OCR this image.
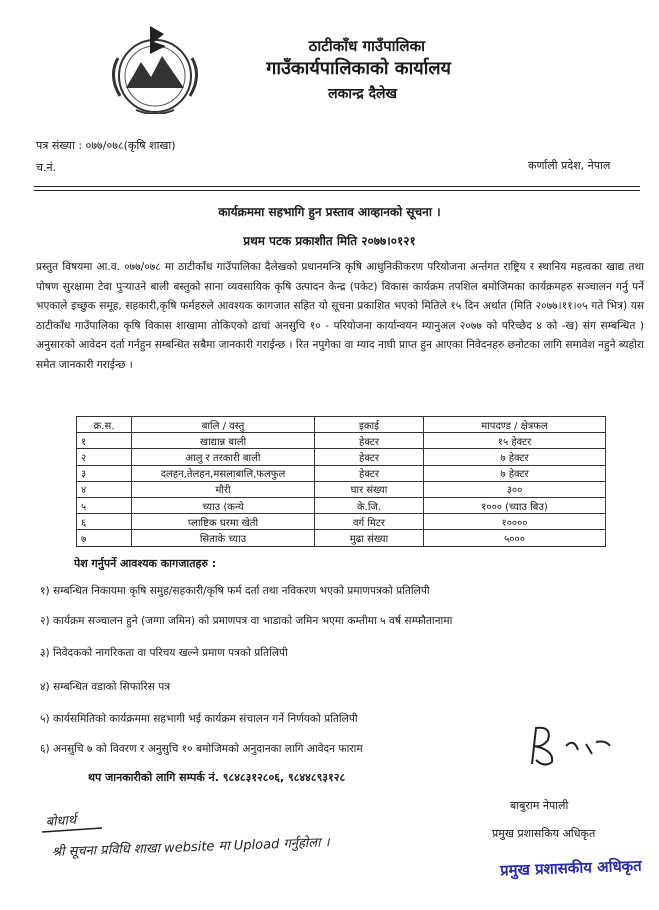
ठाटीकाँध गाउँपालिका
गाउँकार्यपालिकाको कार्यालय
लकान्द्र दैलेख
पत्र संख्या : ०७७/०७८(कृषि शाखा)
च.नं.	कर्णाली प्रदेश, नेपाल
कार्यक्रममा सहभागि हुन प्रस्ताव आव्हानको सूचना ।
प्रथम पटक प्रकाशीत मिति २०७७।०१२१
प्रस्तुत विषयमा आ.व. ०७७/०७८ मा ठाटीकाँध गाउँपालिका दैलेखको प्रधानमन्त्रि कृषि आधुनिकीकरण परियोजना अर्न्तगत राष्ट्रिय र स्थानिय महत्वका खाद्य तथा पोषण सुरक्षामा टेवा पुऱ्याउने बाली बस्तुको साना व्यवसायिक कृषि उत्पादन केन्द्र (पकेट) विकास कार्यक्रम तपशिल बमोजिमका कार्यक्रमहरु सञ्चालन गर्नु पर्ने भएकाले इच्छुक समूह, सहकारी,कृषि फर्महरुले आवश्यक कागजात सहित यो सूचना प्रकाशित भएको मितिले १५ दिन अर्थात (मिति २०७७।११।०५ गते भित्र) यस ठाटीकाँध गाउँपालिका कृषि विकास शाखामा तोकिएको ढाचां अनसुचि १० - परियोजना कार्यान्वयन म्यानुअल २०७७ को परिच्छेद ४ को -ख) संग सम्बन्धित ) अनुसारको आवेदन दर्ता गर्नहुन सम्बन्धित सबैमा जानकारी गराईन्छ । रित नपुगेका वा म्याद नाघी प्राप्त हुन आएका निवेदनहरु छनोटका लागि समावेश नहुने ब्यहोरा समेत जानकारी गराईन्छ ।
क्र.स.	बालि / वस्तु	इकाई	मापदण्ड / क्षेत्रफल
१	खाद्यान्न बाली	हेक्टर	१५ हेक्टर
२	आलु र तरकारी बाली	हेक्टर	७ हेक्टर
३	दलहन,तेलहन,मसलाबालि,फलफुल	हेक्टर	७ हेक्टर
४	मौरी	घार संख्या	३००
५	च्याउ (कन्ये	के.जि.	१००० (च्याउ बिउ)
६	प्लाष्टिक घरमा खेती	वर्ग मिटर	१००००
७	सिताके च्याउ	मुढा संख्या	५०००
पेश गर्नुपर्ने आवश्यक कागजातहरु :
१) सम्बन्धित निकायमा कृषि समुह/सहकारी/कृषि फर्म दर्ता तथा नविकरण भएको प्रमाणपत्रको प्रतिलिपी
२) कार्यक्रम सञ्चालन हुने (जग्गा जमिन) को प्रमाणपत्र वा भाडाको जमिन भएमा कम्तीमा ५ वर्ष सम्फौतानामा
३) निवेदकको नागरिकता वा परिचय खल्ने प्रमाण पत्रको प्रतिलिपी
४) सम्बन्धित वडाको सिफारिस पत्र
५) कार्यसमितिको कार्यक्रममा सहभागी भई कार्यक्रम संचालन गर्ने निर्णयको प्रतिलिपी
६) अनसुचि ७ को विवरण र अनुसुचि १० बमोजिमको अनुदानका लागि आवेदन फाराम
थप जानकारीको लागि सम्पर्क नं. ९८४८३१२८०६, ९८४४८९३१२८
बाबुराम नेपाली
प्रमुख प्रशासकिय अधिकृत
बोधार्थ
श्री सूचना प्रविधि शाखा website मा Upload गर्नुहोला ।
प्रमुख प्रशासकीय अधिकृत
